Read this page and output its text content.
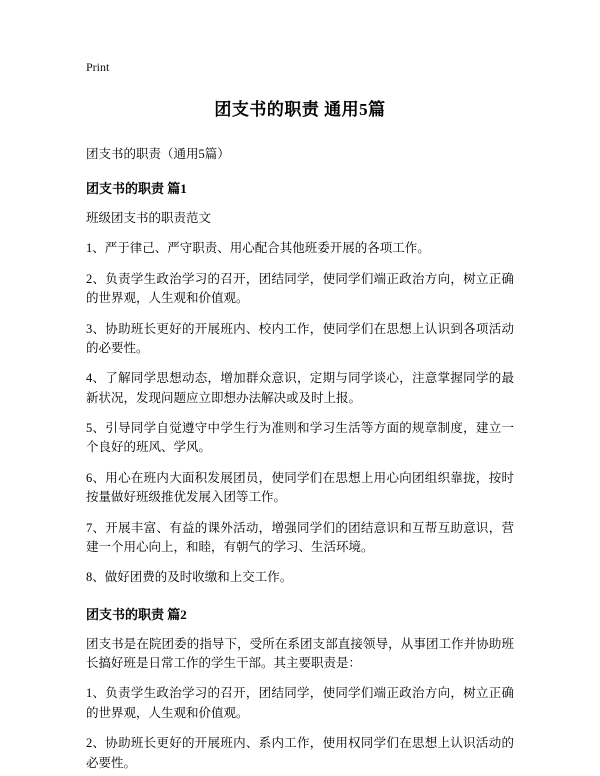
Print
团支书的职责 通用5篇
团支书的职责（通用5篇）
团支书的职责 篇1

班级团支书的职责范文

1、严于律己、严守职责、用心配合其他班委开展的各项工作。

2、负责学生政治学习的召开，团结同学，使同学们端正政治方向，树立正确的世界观，人生观和价值观。

3、协助班长更好的开展班内、校内工作，使同学们在思想上认识到各项活动的必要性。

4、了解同学思想动态，增加群众意识，定期与同学谈心，注意掌握同学的最新状况，发现问题应立即想办法解决或及时上报。

5、引导同学自觉遵守中学生行为准则和学习生活等方面的规章制度，建立一个良好的班风、学风。

6、用心在班内大面积发展团员，使同学们在思想上用心向团组织靠拢，按时按量做好班级推优发展入团等工作。

7、开展丰富、有益的课外活动，增强同学们的团结意识和互帮互助意识，营建一个用心向上，和睦，有朝气的学习、生活环境。

8、做好团费的及时收缴和上交工作。

团支书的职责 篇2

团支书是在院团委的指导下，受所在系团支部直接领导，从事团工作并协助班长搞好班是日常工作的学生干部。其主要职责是：

1、负责学生政治学习的召开，团结同学，使同学们端正政治方向，树立正确的世界观，人生观和价值观。

2、协助班长更好的开展班内、系内工作，使用权同学们在思想上认识活动的必要性。
